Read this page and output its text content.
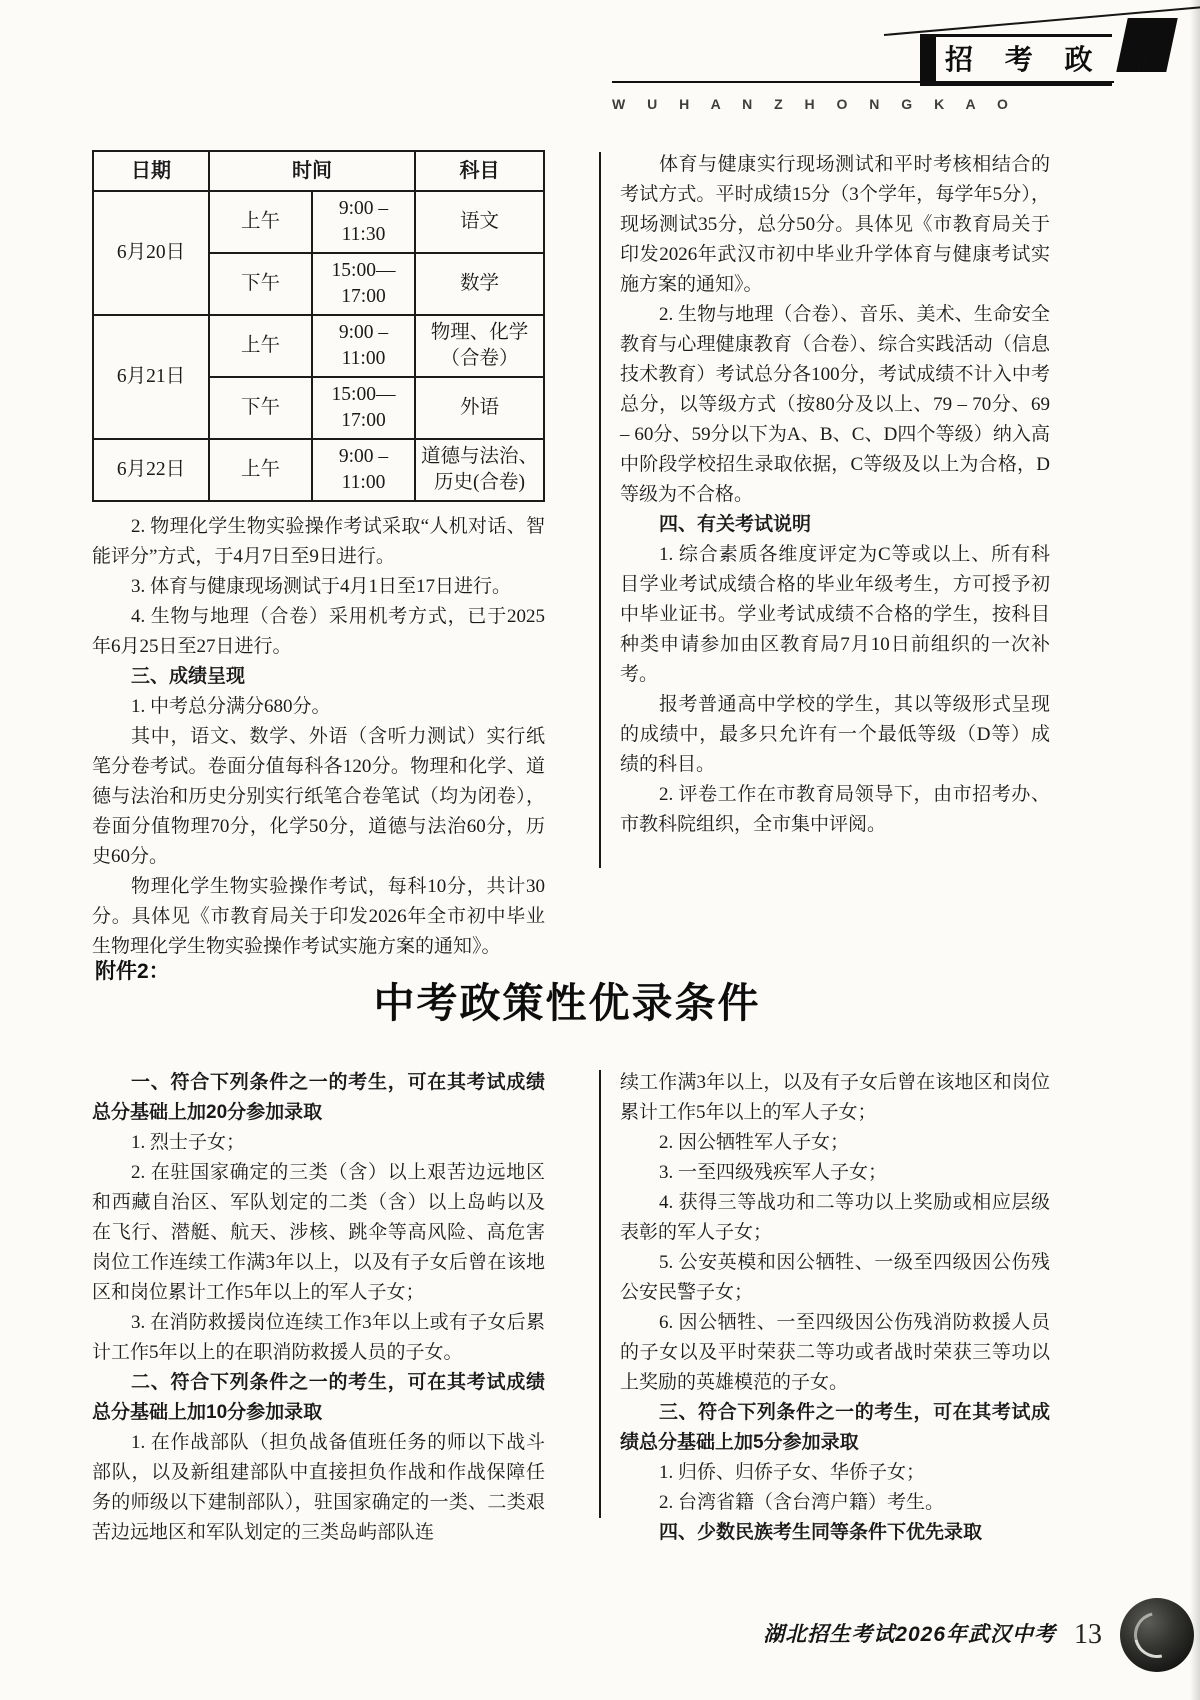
招 考 政 策
W U H A N Z H O N G K A O
日期	时间		科目
6月20日	上午	9:00 – 11:30	语文
	下午	15:00—17:00	数学
6月21日	上午	9:00 – 11:00	物理、化学（合卷）
	下午	15:00—17:00	外语
6月22日	上午	9:00 – 11:00	道德与法治、历史(合卷)

2. 物理化学生物实验操作考试采取“人机对话、智能评分”方式，于4月7日至9日进行。

3. 体育与健康现场测试于4月1日至17日进行。

4. 生物与地理（合卷）采用机考方式，已于2025年6月25日至27日进行。

三、成绩呈现

1. 中考总分满分680分。

其中，语文、数学、外语（含听力测试）实行纸笔分卷考试。卷面分值每科各120分。物理和化学、道德与法治和历史分别实行纸笔合卷笔试（均为闭卷），卷面分值物理70分，化学50分，道德与法治60分，历史60分。

物理化学生物实验操作考试，每科10分，共计30分。具体见《市教育局关于印发2026年全市初中毕业生物理化学生物实验操作考试实施方案的通知》。

体育与健康实行现场测试和平时考核相结合的考试方式。平时成绩15分（3个学年，每学年5分），现场测试35分，总分50分。具体见《市教育局关于印发2026年武汉市初中毕业升学体育与健康考试实施方案的通知》。

2. 生物与地理（合卷）、音乐、美术、生命安全教育与心理健康教育（合卷）、综合实践活动（信息技术教育）考试总分各100分，考试成绩不计入中考总分，以等级方式（按80分及以上、79 – 70分、69 – 60分、59分以下为A、B、C、D四个等级）纳入高中阶段学校招生录取依据，C等级及以上为合格，D等级为不合格。

四、有关考试说明

1. 综合素质各维度评定为C等或以上、所有科目学业考试成绩合格的毕业年级考生，方可授予初中毕业证书。学业考试成绩不合格的学生，按科目种类申请参加由区教育局7月10日前组织的一次补考。

报考普通高中学校的学生，其以等级形式呈现的成绩中，最多只允许有一个最低等级（D等）成绩的科目。

2. 评卷工作在市教育局领导下，由市招考办、市教科院组织，全市集中评阅。

附件2：
中考政策性优录条件

一、符合下列条件之一的考生，可在其考试成绩总分基础上加20分参加录取

1. 烈士子女；

2. 在驻国家确定的三类（含）以上艰苦边远地区和西藏自治区、军队划定的二类（含）以上岛屿以及在飞行、潜艇、航天、涉核、跳伞等高风险、高危害岗位工作连续工作满3年以上，以及有子女后曾在该地区和岗位累计工作5年以上的军人子女；

3. 在消防救援岗位连续工作3年以上或有子女后累计工作5年以上的在职消防救援人员的子女。

二、符合下列条件之一的考生，可在其考试成绩总分基础上加10分参加录取

1. 在作战部队（担负战备值班任务的师以下战斗部队，以及新组建部队中直接担负作战和作战保障任务的师级以下建制部队），驻国家确定的一类、二类艰苦边远地区和军队划定的三类岛屿部队连

续工作满3年以上，以及有子女后曾在该地区和岗位累计工作5年以上的军人子女；

2. 因公牺牲军人子女；

3. 一至四级残疾军人子女；

4. 获得三等战功和二等功以上奖励或相应层级表彰的军人子女；

5. 公安英模和因公牺牲、一级至四级因公伤残公安民警子女；

6. 因公牺牲、一至四级因公伤残消防救援人员的子女以及平时荣获二等功或者战时荣获三等功以上奖励的英雄模范的子女。

三、符合下列条件之一的考生，可在其考试成绩总分基础上加5分参加录取

1. 归侨、归侨子女、华侨子女；

2. 台湾省籍（含台湾户籍）考生。

四、少数民族考生同等条件下优先录取

湖北招生考试2026年武汉中考 13
